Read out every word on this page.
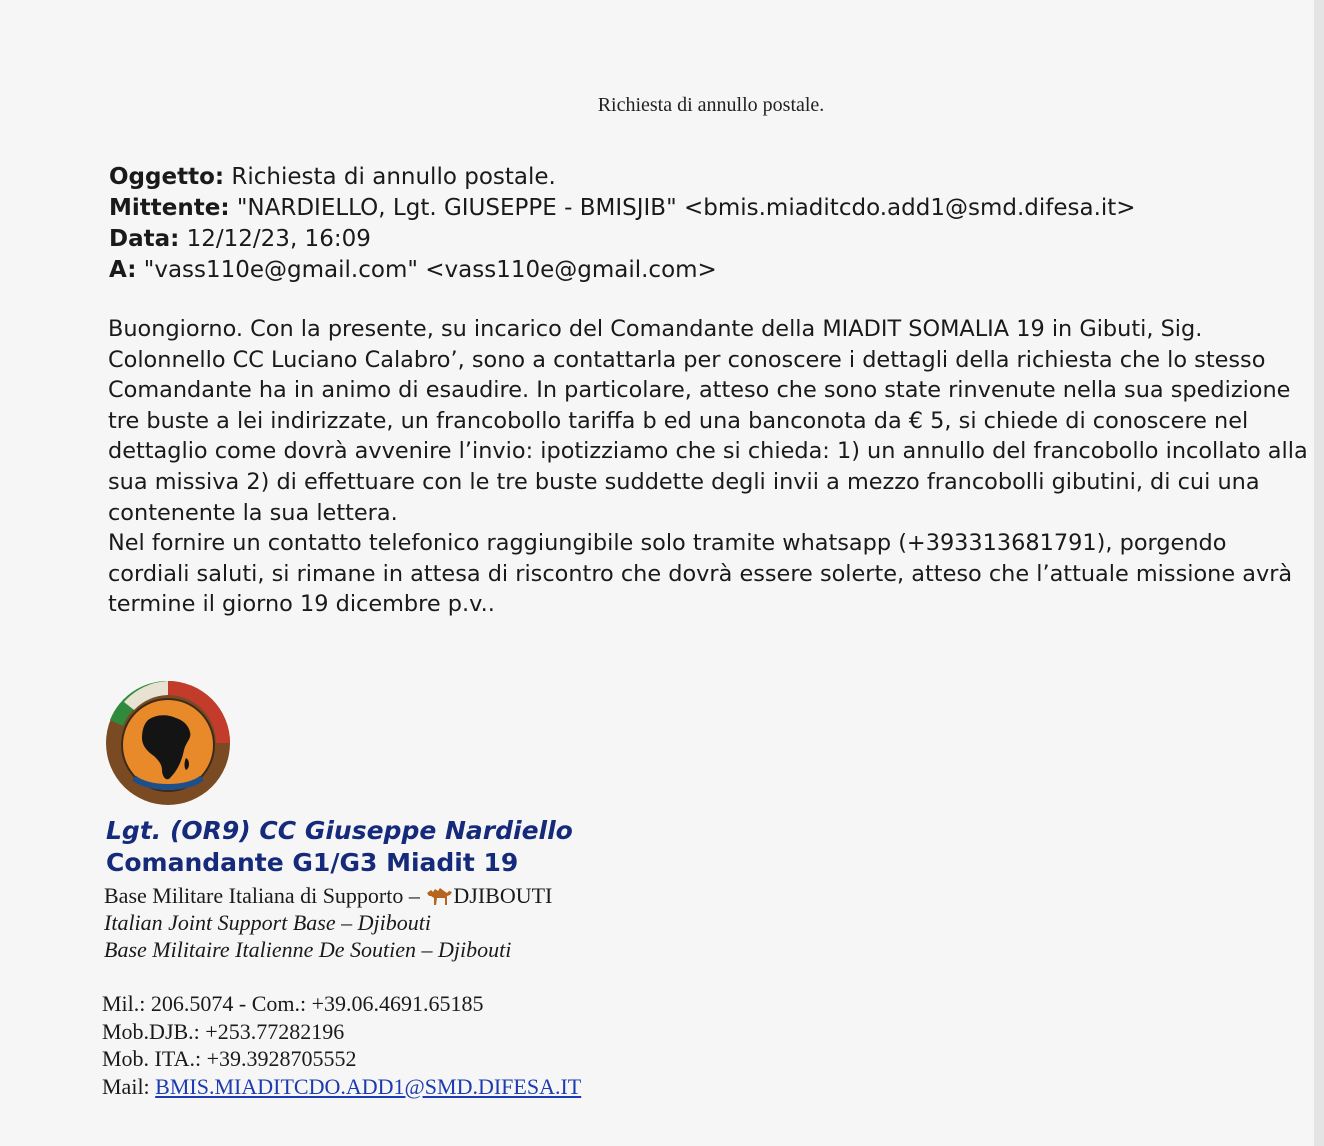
Richiesta di annullo postale.
Oggetto: Richiesta di annullo postale.
Mittente: "NARDIELLO, Lgt. GIUSEPPE - BMISJIB" <bmis.miaditcdo.add1@smd.difesa.it>
Data: 12/12/23, 16:09
A: "vass110e@gmail.com" <vass110e@gmail.com>

Buongiorno. Con la presente, su incarico del Comandante della MIADIT SOMALIA 19 in Gibuti, Sig. Colonnello CC Luciano Calabro’, sono a contattarla per conoscere i dettagli della richiesta che lo stesso Comandante ha in animo di esaudire. In particolare, atteso che sono state rinvenute nella sua spedizione tre buste a lei indirizzate, un francobollo tariffa b ed una banconota da € 5, si chiede di conoscere nel dettaglio come dovrà avvenire l’invio: ipotizziamo che si chieda: 1) un annullo del francobollo incollato alla sua missiva 2) di effettuare con le tre buste suddette degli invii a mezzo francobolli gibutini, di cui una contenente la sua lettera.

Nel fornire un contatto telefonico raggiungibile solo tramite whatsapp (+393313681791), porgendo cordiali saluti, si rimane in attesa di riscontro che dovrà essere solerte, atteso che l’attuale missione avrà termine il giorno 19 dicembre p.v..

Lgt. (OR9) CC Giuseppe Nardiello
Comandante G1/G3 Miadit 19
Base Militare Italiana di Supporto – DJIBOUTI
Italian Joint Support Base – Djibouti
Base Militaire Italienne De Soutien – Djibouti
Mil.: 206.5074 - Com.: +39.06.4691.65185
Mob.DJB.: +253.77282196
Mob. ITA.: +39.3928705552
Mail: BMIS.MIADITCDO.ADD1@SMD.DIFESA.IT
